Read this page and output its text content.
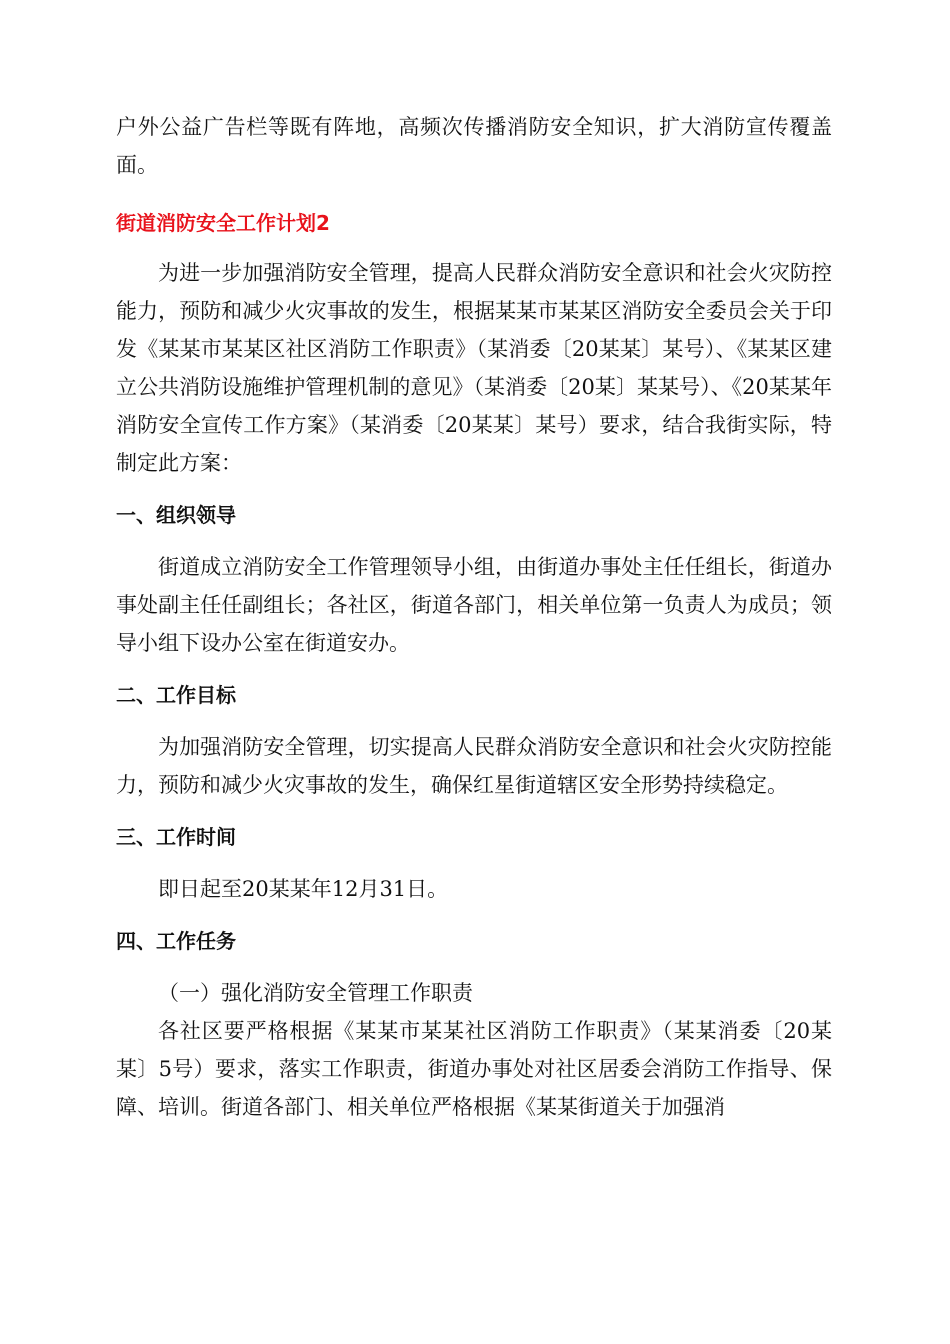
户外公益广告栏等既有阵地，高频次传播消防安全知识，扩大消防宣传覆盖面。

街道消防安全工作计划2

为进一步加强消防安全管理，提高人民群众消防安全意识和社会火灾防控能力，预防和减少火灾事故的发生，根据某某市某某区消防安全委员会关于印发《某某市某某区社区消防工作职责》（某消委〔20某某〕某号）、《某某区建立公共消防设施维护管理机制的意见》（某消委〔20某〕某某号）、《20某某年消防安全宣传工作方案》（某消委〔20某某〕某号）要求，结合我街实际，特制定此方案：

一、组织领导

街道成立消防安全工作管理领导小组，由街道办事处主任任组长，街道办事处副主任任副组长；各社区，街道各部门，相关单位第一负责人为成员；领导小组下设办公室在街道安办。

二、工作目标

为加强消防安全管理，切实提高人民群众消防安全意识和社会火灾防控能力，预防和减少火灾事故的发生，确保红星街道辖区安全形势持续稳定。

三、工作时间

即日起至20某某年12月31日。

四、工作任务

（一）强化消防安全管理工作职责

各社区要严格根据《某某市某某社区消防工作职责》（某某消委〔20某某〕5号）要求，落实工作职责，街道办事处对社区居委会消防工作指导、保障、培训。街道各部门、相关单位严格根据《某某街道关于加强消
